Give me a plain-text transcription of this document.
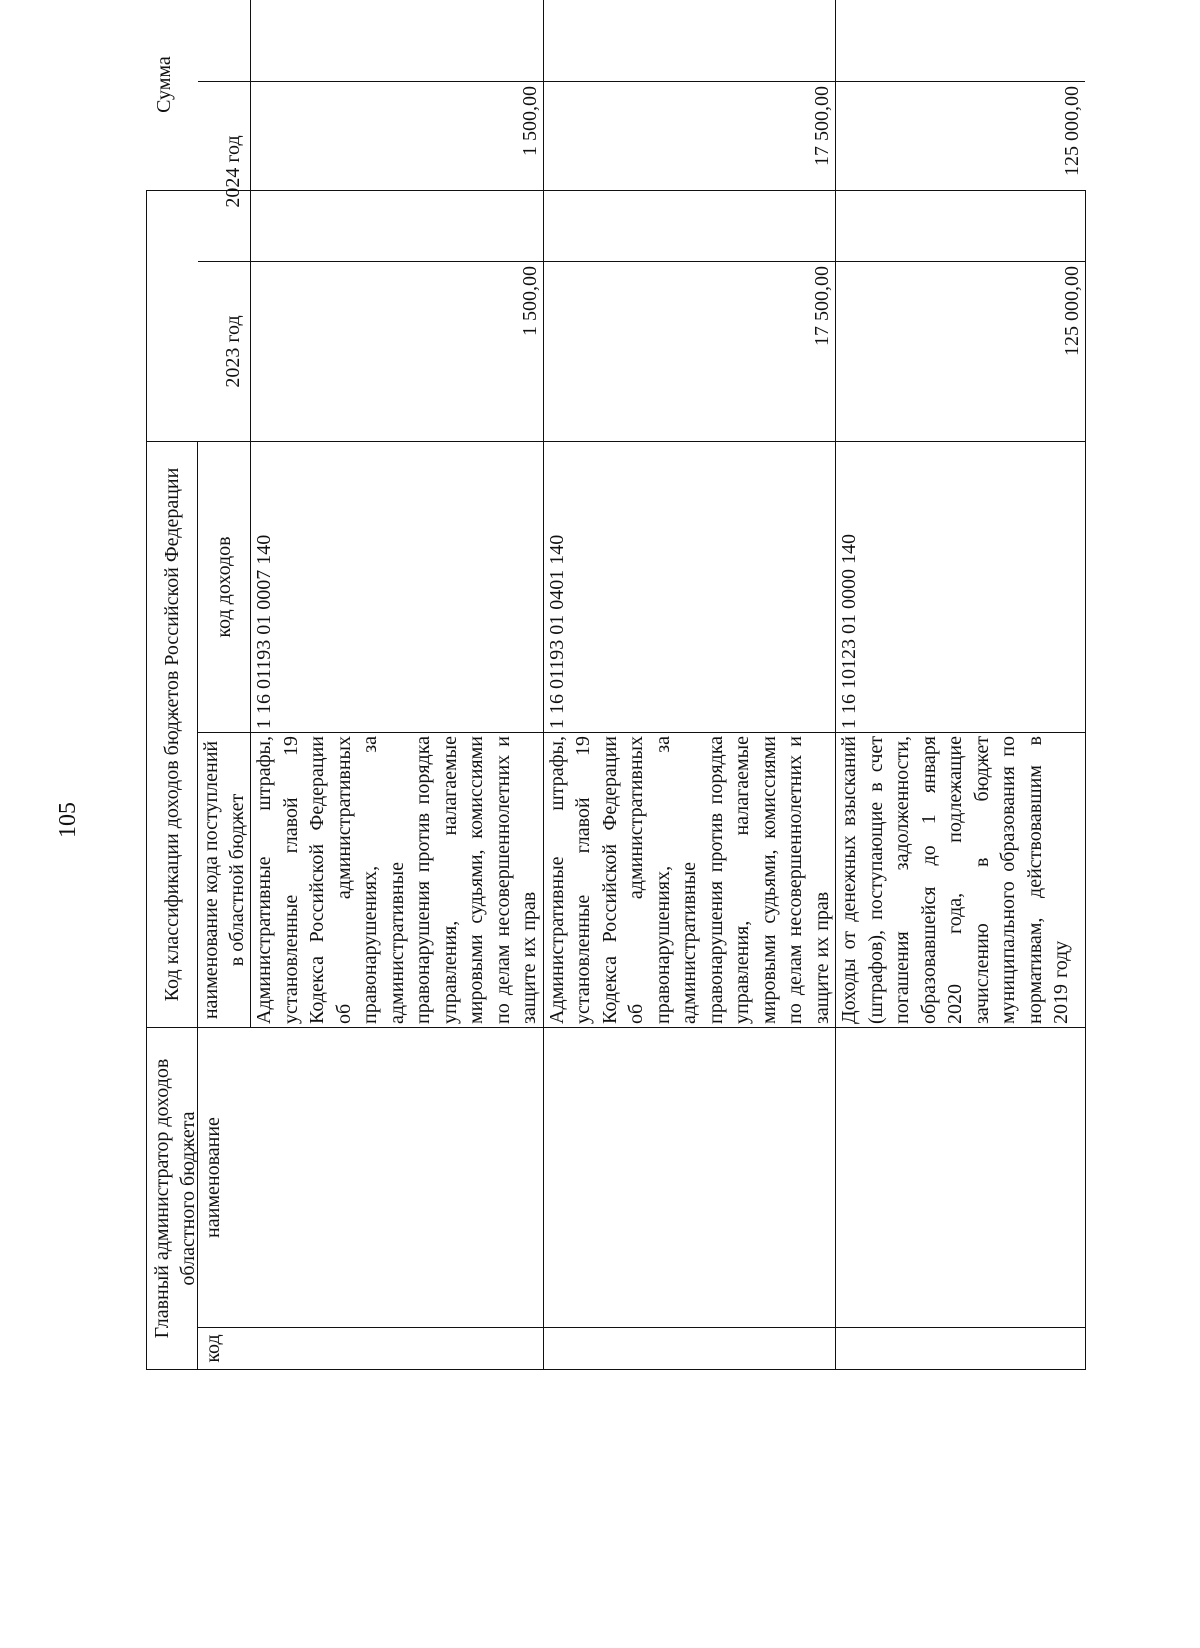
105
Главный администратор доходов областного бюджета
Код классификации доходов бюджетов Российской Федерации
Сумма
код
наименование
наименование кода поступлений в областной бюджет
код доходов
Административные штрафы, установленные главой 19 Кодекса Российской Федерации об административных правонарушениях, за административные правонарушения против порядка управления, налагаемые мировыми судьями, комиссиями по делам несовершеннолетних и защите их прав
1 16 01193 01 0007 140
2023 год
2024 год
1 500,00
1 500,00
Административные штрафы, установленные главой 19 Кодекса Российской Федерации об административных правонарушениях, за административные правонарушения против порядка управления, налагаемые мировыми судьями, комиссиями по делам несовершеннолетних и защите их прав
1 16 01193 01 0401 140
17 500,00
17 500,00
Доходы от денежных взысканий (штрафов), поступающие в счет погашения задолженности, образовавшейся до 1 января 2020 года, подлежащие зачислению в бюджет муниципального образования по нормативам, действовавшим в 2019 году
1 16 10123 01 0000 140
125 000,00
125 000,00
